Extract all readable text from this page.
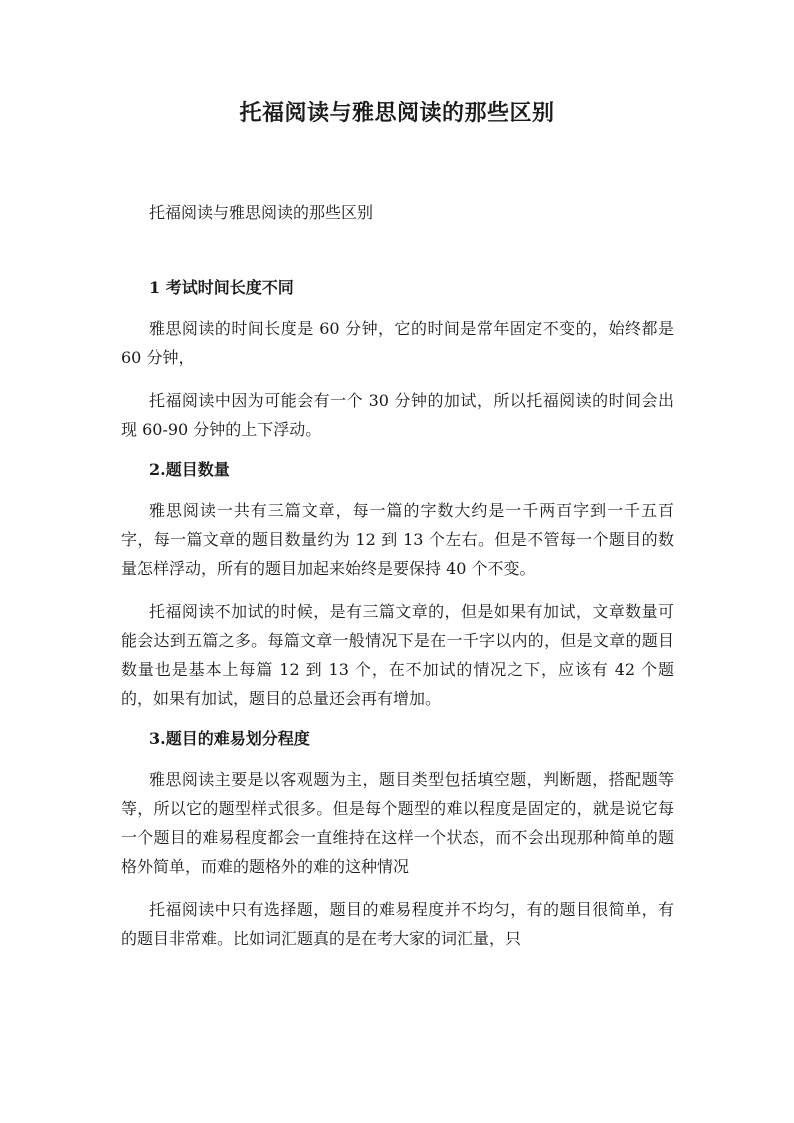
托福阅读与雅思阅读的那些区别
托福阅读与雅思阅读的那些区别
1 考试时间长度不同

雅思阅读的时间长度是 60 分钟，它的时间是常年固定不变的，始终都是 60 分钟，

托福阅读中因为可能会有一个 30 分钟的加试，所以托福阅读的时间会出现 60-90 分钟的上下浮动。

2.题目数量

雅思阅读一共有三篇文章，每一篇的字数大约是一千两百字到一千五百字，每一篇文章的题目数量约为 12 到 13 个左右。但是不管每一个题目的数量怎样浮动，所有的题目加起来始终是要保持 40 个不变。

托福阅读不加试的时候，是有三篇文章的，但是如果有加试，文章数量可能会达到五篇之多。每篇文章一般情况下是在一千字以内的，但是文章的题目数量也是基本上每篇 12 到 13 个，在不加试的情况之下，应该有 42 个题的，如果有加试，题目的总量还会再有增加。

3.题目的难易划分程度

雅思阅读主要是以客观题为主，题目类型包括填空题，判断题，搭配题等等，所以它的题型样式很多。但是每个题型的难以程度是固定的，就是说它每一个题目的难易程度都会一直维持在这样一个状态，而不会出现那种简单的题格外简单，而难的题格外的难的这种情况

托福阅读中只有选择题，题目的难易程度并不均匀，有的题目很简单，有的题目非常难。比如词汇题真的是在考大家的词汇量，只
